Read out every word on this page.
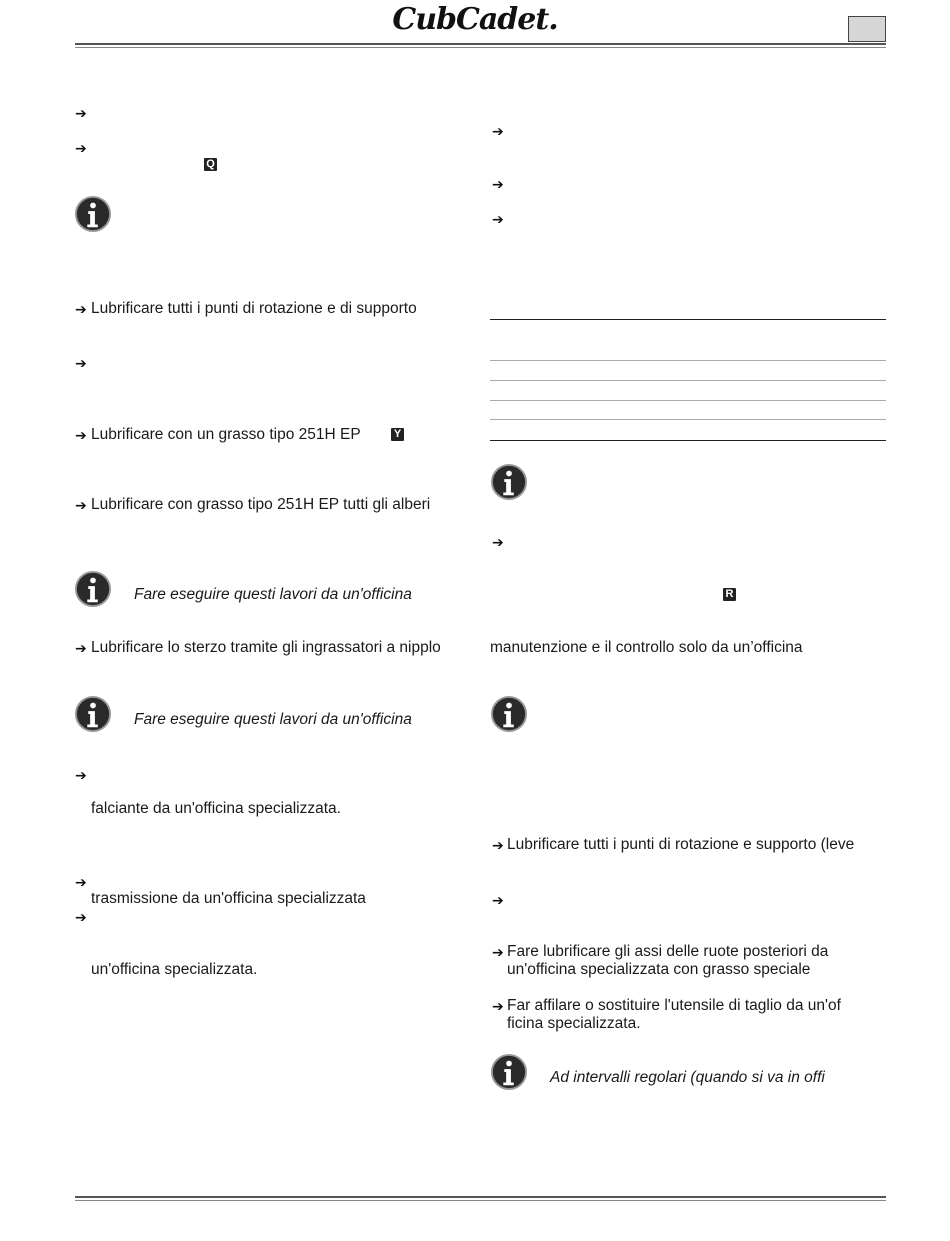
CubCadet.
➔
➔
Q
➔ Lubrificare tutti i punti di rotazione e di supporto
➔
➔ Lubrificare con un grasso tipo 251H EP	Y
➔ Lubrificare con grasso tipo 251H EP tutti gli alberi
Fare eseguire questi lavori da un'officina
➔ Lubrificare lo sterzo tramite gli ingrassatori a nipplo
Fare eseguire questi lavori da un'officina
➔
falciante da un'officina specializzata.
➔
trasmissione da un'officina specializzata
➔
un'officina specializzata.
➔
➔
➔
➔
R
manutenzione e il controllo solo da un’officina
➔ Lubrificare tutti i punti di rotazione e supporto (leve
➔
➔ Fare lubrificare gli assi delle ruote posteriori da
un'officina specializzata con grasso speciale
➔ Far affilare o sostituire l'utensile di taglio da un'of
ficina specializzata.
Ad intervalli regolari (quando si va in offi
